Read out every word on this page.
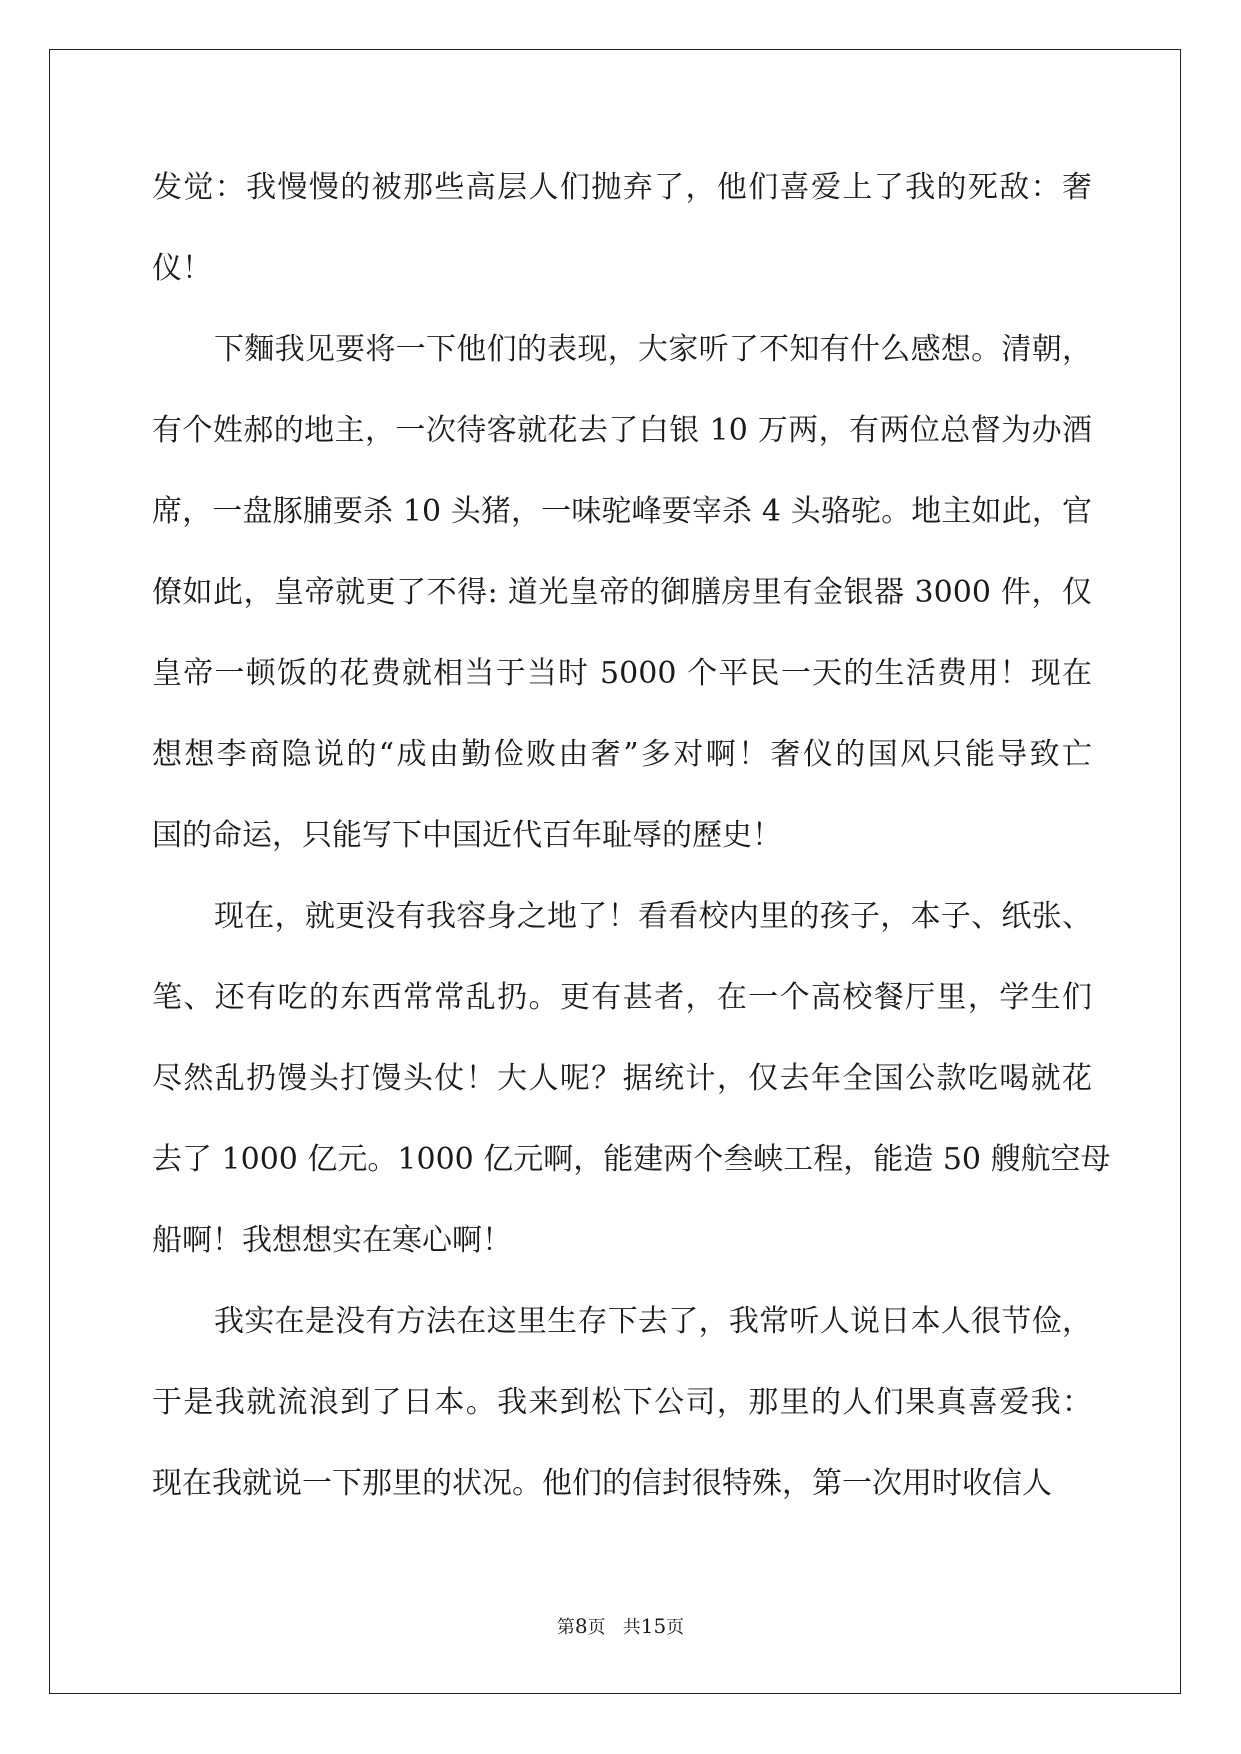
发觉：我慢慢的被那些高层人们抛弃了，他们喜爱上了我的死敌：奢
仪！
下麵我见要将一下他们的表现，大家听了不知有什么感想。清朝，
有个姓郝的地主，一次待客就花去了白银 10 万两，有两位总督为办酒
席，一盘豚脯要杀 10 头猪，一味驼峰要宰杀 4 头骆驼。地主如此，官
僚如此，皇帝就更了不得: 道光皇帝的御膳房里有金银器 3000 件，仅
皇帝一顿饭的花费就相当于当时 5000 个平民一天的生活费用！现在
想想李商隐说的“成由勤俭败由奢”多对啊！奢仪的国风只能导致亡
国的命运，只能写下中国近代百年耻辱的歷史！
现在，就更没有我容身之地了！看看校内里的孩子，本子、纸张、
笔、还有吃的东西常常乱扔。更有甚者，在一个高校餐厅里，学生们
尽然乱扔馒头打馒头仗！大人呢？据统计，仅去年全国公款吃喝就花
去了 1000 亿元。1000 亿元啊，能建两个叁峡工程，能造 50 艘航空母
船啊！我想想实在寒心啊！
我实在是没有方法在这里生存下去了，我常听人说日本人很节俭，
于是我就流浪到了日本。我来到松下公司，那里的人们果真喜爱我：
现在我就说一下那里的状况。他们的信封很特殊，第一次用时收信人
第8页 共15页
